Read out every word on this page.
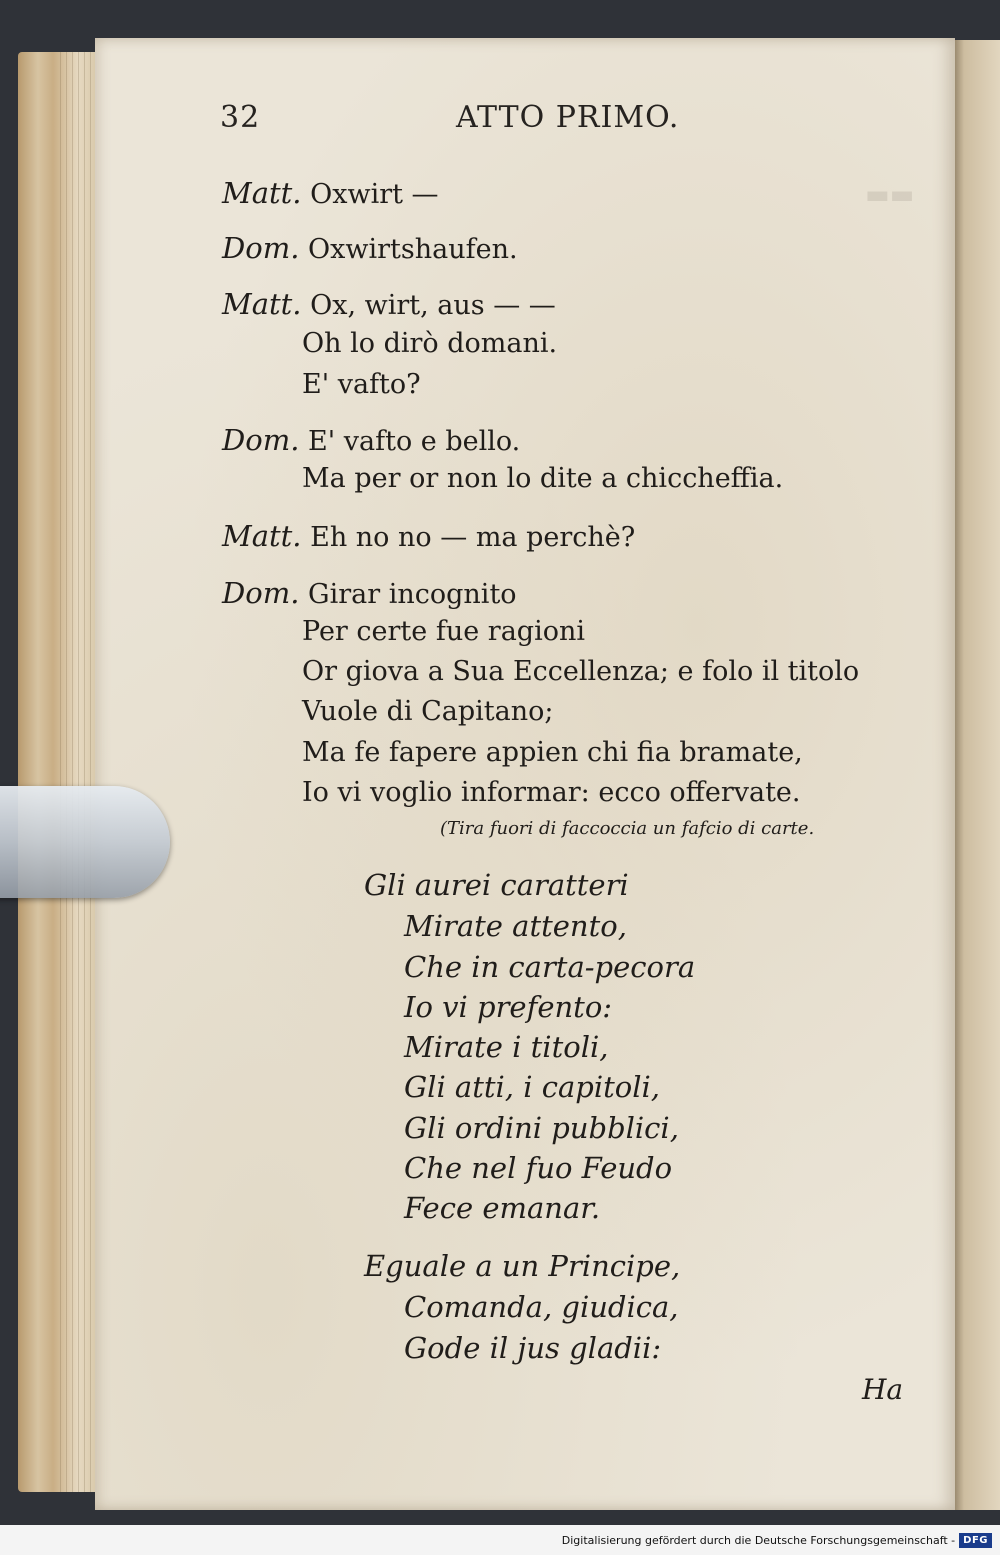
▬▬
32	ATTO PRIMO.
Matt. Oxwirt —
Dom. Oxwirtshaufen.
Matt. Ox, wirt, aus — —
Oh lo dirò domani.
E' vafto?
Dom. E' vafto e bello.
Ma per or non lo dite a chiccheffia.
Matt. Eh no no — ma perchè?
Dom. Girar incognito
Per certe fue ragioni
Or giova a Sua Eccellenza; e folo il titolo
Vuole di Capitano;
Ma fe fapere appien chi fia bramate,
Io vi voglio informar: ecco offervate.
(Tira fuori di faccoccia un fafcio di carte.
Gli aurei caratteri
Mirate attento,
Che in carta-pecora
Io vi prefento:
Mirate i titoli,
Gli atti, i capitoli,
Gli ordini pubblici,
Che nel fuo Feudo
Fece emanar.
Eguale a un Principe,
Comanda, giudica,
Gode il jus gladii:
Ha
Digitalisierung gefördert durch die Deutsche Forschungsgemeinschaft - DFG
